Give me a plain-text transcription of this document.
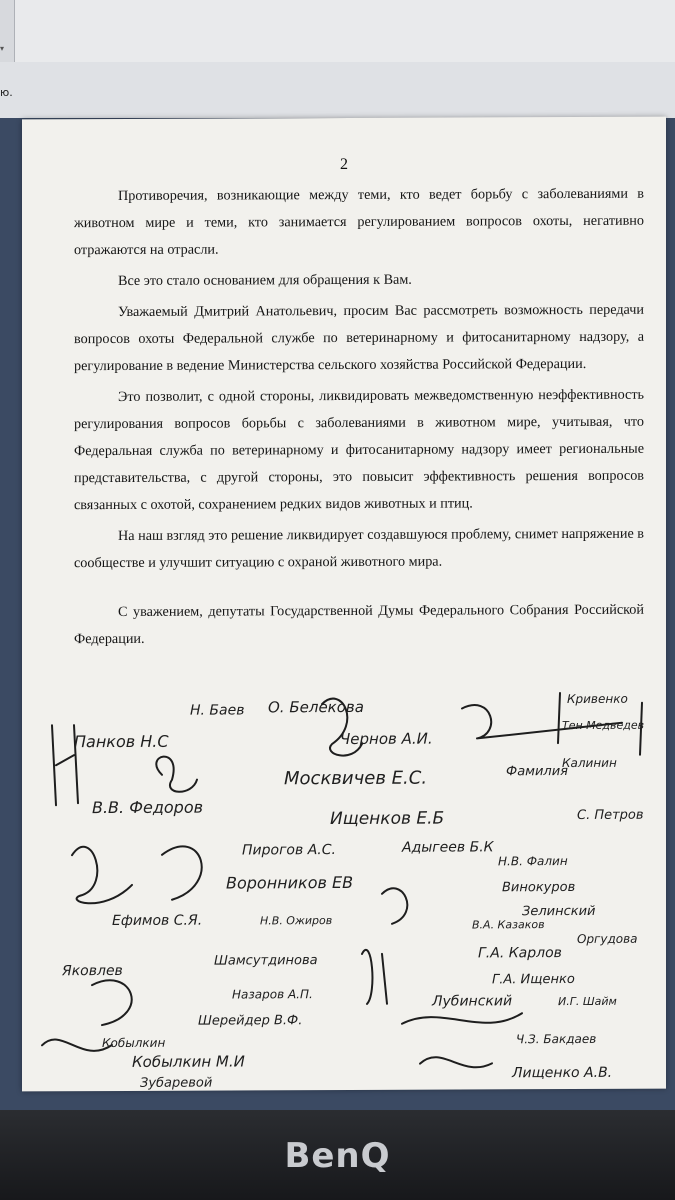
▾
ю.
2

Противоречия, возникающие между теми, кто ведет борьбу с заболеваниями в животном мире и теми, кто занимается регулированием вопросов охоты, негативно отражаются на отрасли.

Все это стало основанием для обращения к Вам.

Уважаемый Дмитрий Анатольевич, просим Вас рассмотреть возможность передачи вопросов охоты Федеральной службе по ветеринарному и фитосанитарному надзору, а регулирование в ведение Министерства сельского хозяйства Российской Федерации.

Это позволит, с одной стороны, ликвидировать межведомственную неэффективность регулирования вопросов борьбы с заболеваниями в животном мире, учитывая, что Федеральная служба по ветеринарному и фитосанитарному надзору имеет региональные представительства, с другой стороны, это повысит эффективность решения вопросов связанных с охотой, сохранением редких видов животных и птиц.

На наш взгляд это решение ликвидирует создавшуюся проблему, снимет напряжение в сообществе и улучшит ситуацию с охраной животного мира.

С уважением, депутаты Государственной Думы Федерального Собрания Российской Федерации.

Н. Баев О. Белекова	Кривенко
Тен Медведев
Панков Н.С	Чернов А.И.
Москвичев Е.С.	Фамилия
Калинин
В.В. Федоров
Ищенков Е.Б	С. Петров
Пирогов А.С.	Адыгеев Б.К
Н.В. Фалин
Воронников ЕВ	Винокуров
Зелинский
Ефимов С.Я.	Н.В. Ожиров	В.А. Казаков
Оргудова
Г.А. Карлов
Шамсутдинова
Яковлев
Г.А. Ищенко
Назаров А.П.
Шерейдер В.Ф.
Лубинский	И.Г. Шайм
Кобылкин	Ч.З. Бакдаев
Кобылкин М.И
Зубаревой
Лищенко А.В.
BenQ
